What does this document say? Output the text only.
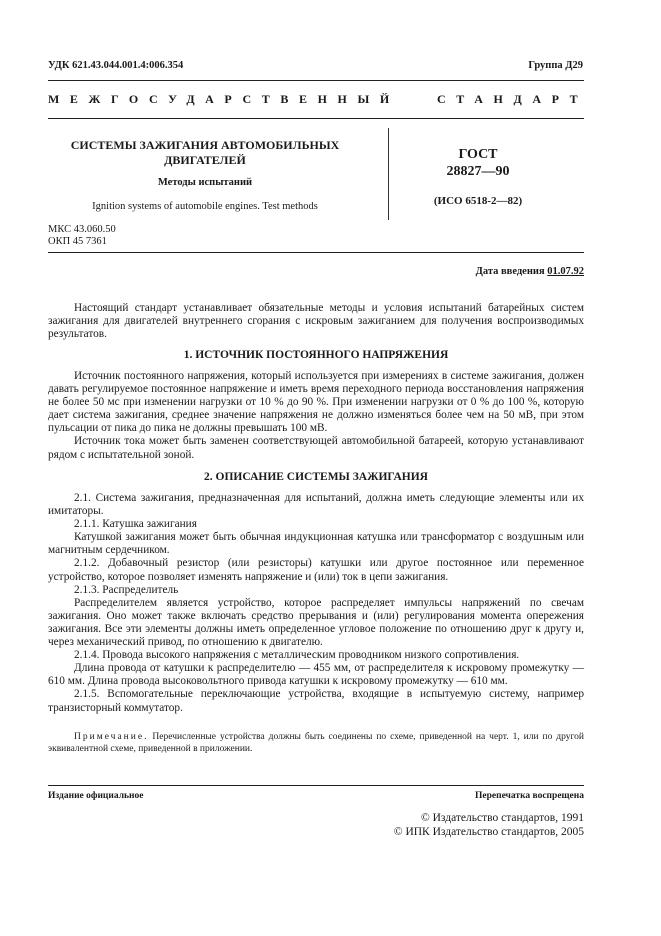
УДК 621.43.044.001.4:006.354	Группа Д29
МЕЖГОСУДАРСТВЕННЫЙ	СТАНДАРТ
СИСТЕМЫ ЗАЖИГАНИЯ АВТОМОБИЛЬНЫХ
ДВИГАТЕЛЕЙ
Методы испытаний
Ignition systems of automobile engines. Test methods
ГОСТ
28827—90
(ИСО 6518-2—82)
МКС 43.060.50
ОКП 45 7361
Дата введения 01.07.92

Настоящий стандарт устанавливает обязательные методы и условия испытаний батарейных систем зажигания для двигателей внутреннего сгорания с искровым зажиганием для получения воспроизводимых результатов.

1. ИСТОЧНИК ПОСТОЯННОГО НАПРЯЖЕНИЯ

Источник постоянного напряжения, который используется при измерениях в системе зажигания, должен давать регулируемое постоянное напряжение и иметь время переходного периода восстановления напряжения не более 50 мс при изменении нагрузки от 10 % до 90 %. При изменении нагрузки от 0 % до 100 %, которую дает система зажигания, среднее значение напряжения не должно изменяться более чем на 50 мВ, при этом пульсации от пика до пика не должны превышать 100 мВ.

Источник тока может быть заменен соответствующей автомобильной батареей, которую устанавливают рядом с испытательной зоной.

2. ОПИСАНИЕ СИСТЕМЫ ЗАЖИГАНИЯ

2.1. Система зажигания, предназначенная для испытаний, должна иметь следующие элементы или их имитаторы.

2.1.1. Катушка зажигания

Катушкой зажигания может быть обычная индукционная катушка или трансформатор с воздушным или магнитным сердечником.

2.1.2. Добавочный резистор (или резисторы) катушки или другое постоянное или переменное устройство, которое позволяет изменять напряжение и (или) ток в цепи зажигания.

2.1.3. Распределитель

Распределителем является устройство, которое распределяет импульсы напряжений по свечам зажигания. Оно может также включать средство прерывания и (или) регулирования момента опережения зажигания. Все эти элементы должны иметь определенное угловое положение по отношению друг к другу и, через механический привод, по отношению к двигателю.

2.1.4. Провода высокого напряжения с металлическим проводником низкого сопротивления.

Длина провода от катушки к распределителю — 455 мм, от распределителя к искровому промежутку — 610 мм. Длина провода высоковольтного привода катушки к искровому промежутку — 610 мм.

2.1.5. Вспомогательные переключающие устройства, входящие в испытуемую систему, например транзисторный коммутатор.

Примечание. Перечисленные устройства должны быть соединены по схеме, приведенной на черт. 1, или по другой эквивалентной схеме, приведенной в приложении.
Издание официальное	Перепечатка воспрещена
© Издательство стандартов, 1991
© ИПК Издательство стандартов, 2005
